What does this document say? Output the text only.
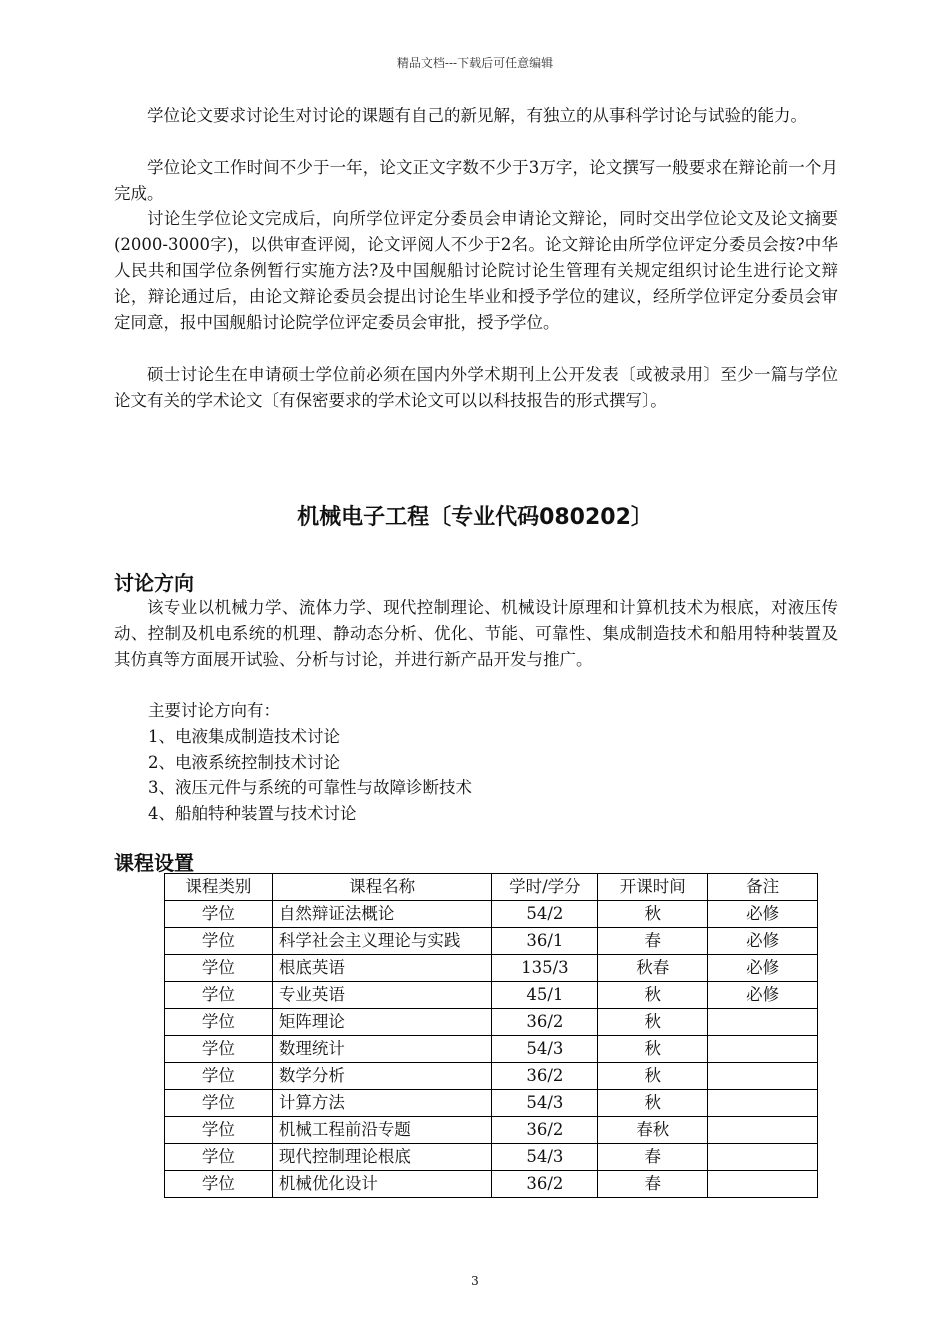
精品文档---下载后可任意编辑

学位论文要求讨论生对讨论的课题有自己的新见解，有独立的从事科学讨论与试验的能力。

学位论文工作时间不少于一年，论文正文字数不少于3万字，论文撰写一般要求在辩论前一个月完成。

讨论生学位论文完成后，向所学位评定分委员会申请论文辩论，同时交出学位论文及论文摘要(2000-3000字)，以供审查评阅，论文评阅人不少于2名。论文辩论由所学位评定分委员会按?中华人民共和国学位条例暂行实施方法?及中国舰船讨论院讨论生管理有关规定组织讨论生进行论文辩论，辩论通过后，由论文辩论委员会提出讨论生毕业和授予学位的建议，经所学位评定分委员会审定同意，报中国舰船讨论院学位评定委员会审批，授予学位。

硕士讨论生在申请硕士学位前必须在国内外学术期刊上公开发表〔或被录用〕至少一篇与学位论文有关的学术论文〔有保密要求的学术论文可以以科技报告的形式撰写〕。

机械电子工程〔专业代码080202〕
讨论方向

该专业以机械力学、流体力学、现代控制理论、机械设计原理和计算机技术为根底，对液压传动、控制及机电系统的机理、静动态分析、优化、节能、可靠性、集成制造技术和船用特种装置及其仿真等方面展开试验、分析与讨论，并进行新产品开发与推广。

主要讨论方向有：

1、电液集成制造技术讨论

2、电液系统控制技术讨论

3、液压元件与系统的可靠性与故障诊断技术

4、船舶特种装置与技术讨论

课程设置
课程类别	课程名称	学时/学分	开课时间	备注
学位	自然辩证法概论	54/2	秋	必修
学位	科学社会主义理论与实践	36/1	春	必修
学位	根底英语	135/3	秋春	必修
学位	专业英语	45/1	秋	必修
学位	矩阵理论	36/2	秋	
学位	数理统计	54/3	秋	
学位	数学分析	36/2	秋	
学位	计算方法	54/3	秋	
学位	机械工程前沿专题	36/2	春秋	
学位	现代控制理论根底	54/3	春	
学位	机械优化设计	36/2	春	
3
